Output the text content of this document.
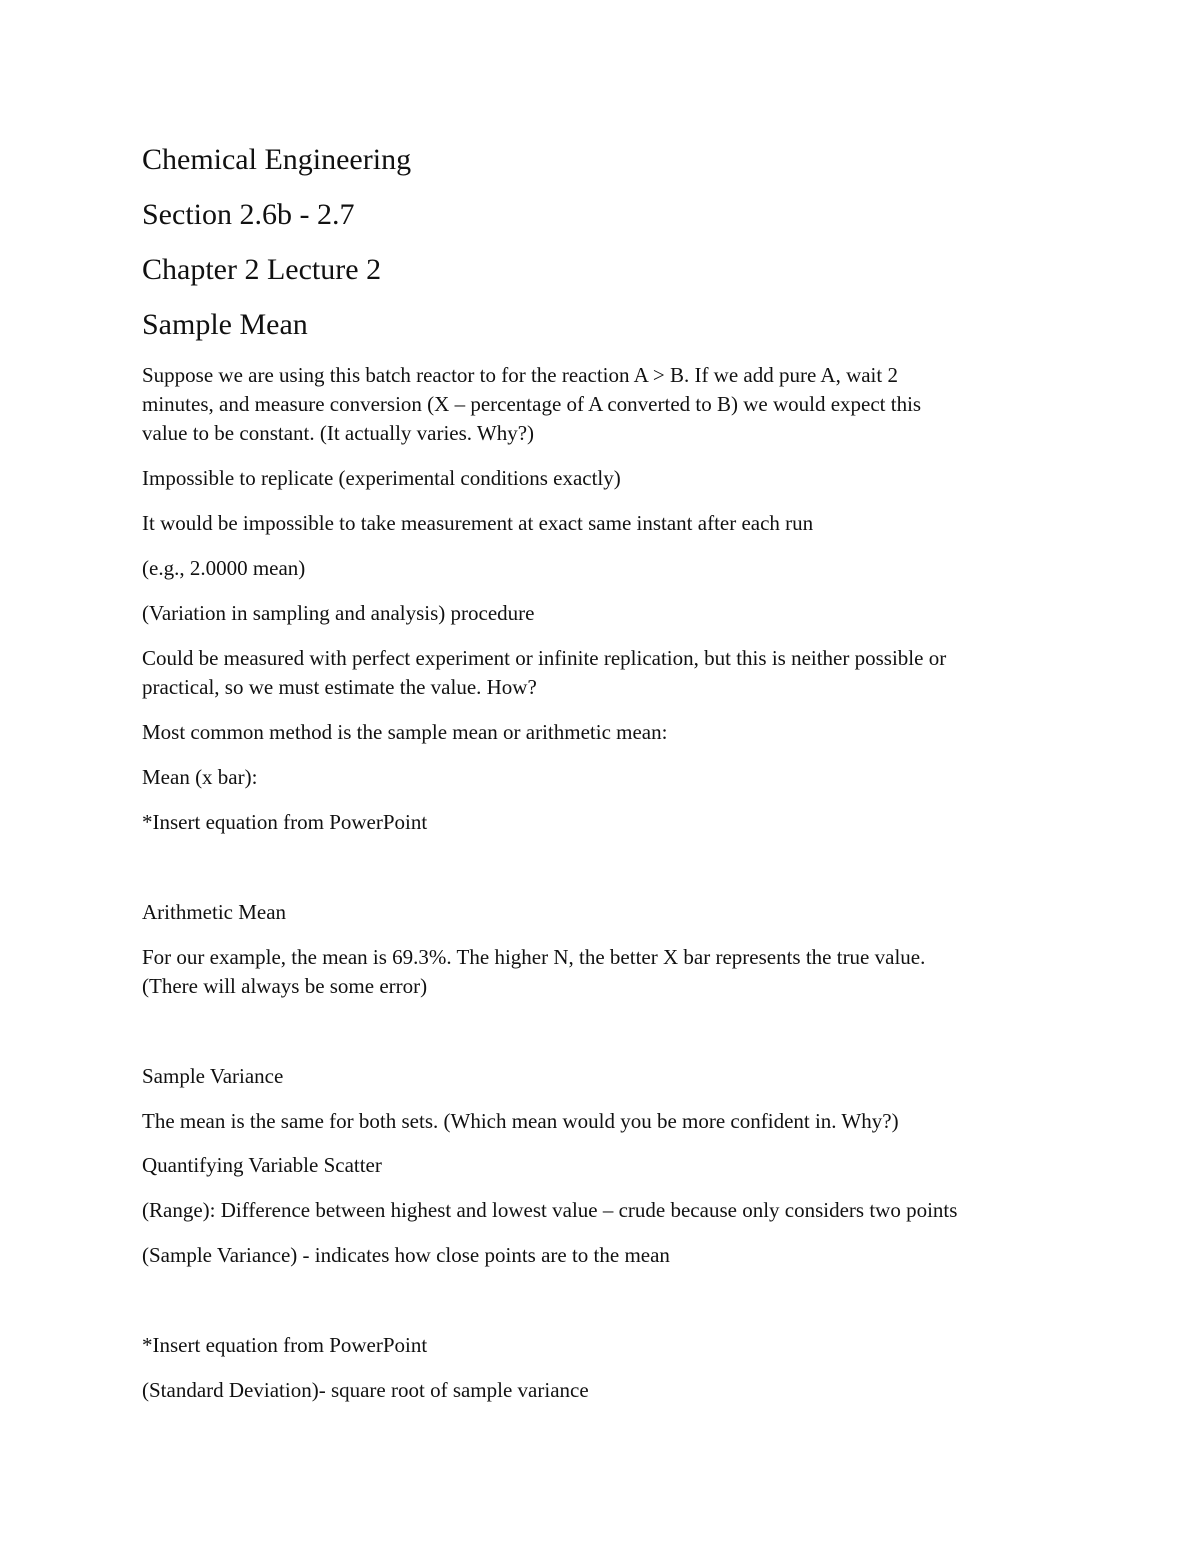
Chemical Engineering

Section 2.6b - 2.7

Chapter 2 Lecture 2

Sample Mean

Suppose we are using this batch reactor to for the reaction A > B. If we add pure A, wait 2

minutes, and measure conversion (X – percentage of A converted to B) we would expect this

value to be constant. (It actually varies. Why?)

Impossible to replicate (experimental conditions exactly)

It would be impossible to take measurement at exact same instant after each run

(e.g., 2.0000 mean)

(Variation in sampling and analysis) procedure

Could be measured with perfect experiment or infinite replication, but this is neither possible or

practical, so we must estimate the value. How?

Most common method is the sample mean or arithmetic mean:

Mean (x bar):

*Insert equation from PowerPoint

Arithmetic Mean

For our example, the mean is 69.3%. The higher N, the better X bar represents the true value.

(There will always be some error)

Sample Variance

The mean is the same for both sets. (Which mean would you be more confident in. Why?)

Quantifying Variable Scatter

(Range): Difference between highest and lowest value – crude because only considers two points

(Sample Variance) - indicates how close points are to the mean

*Insert equation from PowerPoint

(Standard Deviation)- square root of sample variance
